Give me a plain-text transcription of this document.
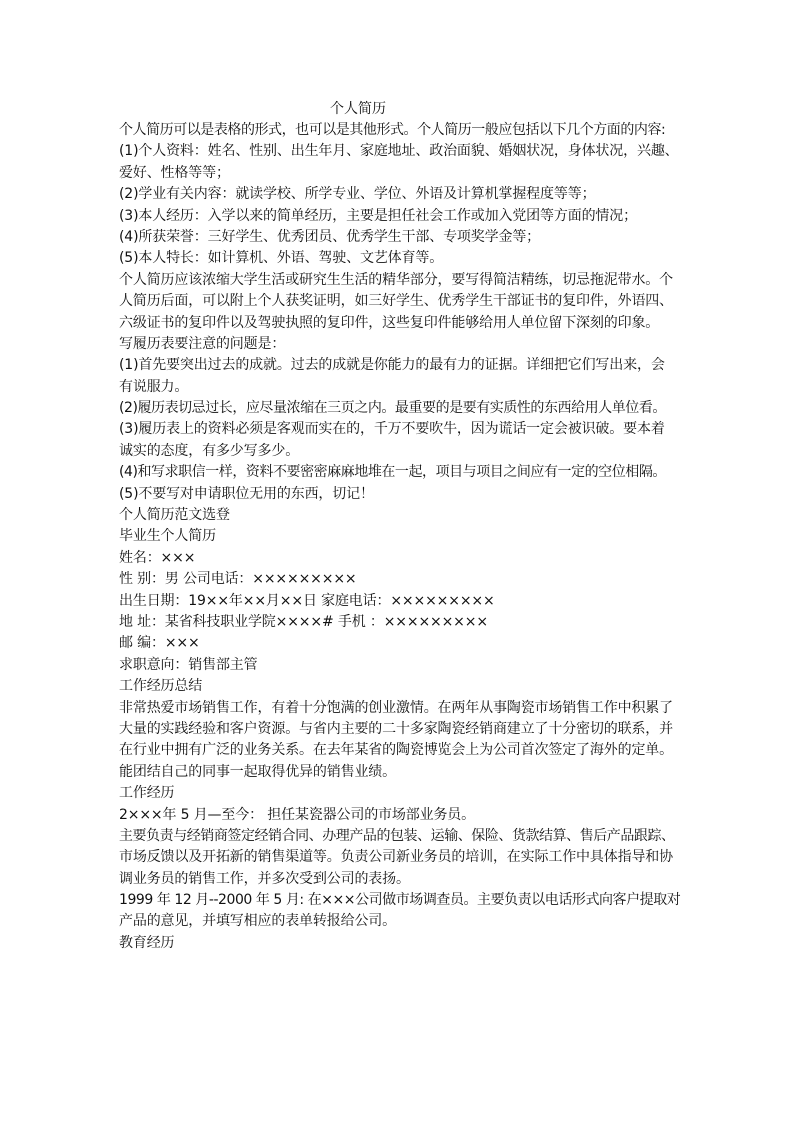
个人简历
个人简历可以是表格的形式，也可以是其他形式。个人简历一般应包括以下几个方面的内容:
(1)个人资料：姓名、性别、出生年月、家庭地址、政治面貌、婚姻状况，身体状况，兴趣、
爱好、性格等等；
(2)学业有关内容：就读学校、所学专业、学位、外语及计算机掌握程度等等；
(3)本人经历：入学以来的简单经历，主要是担任社会工作或加入党团等方面的情况；
(4)所获荣誉：三好学生、优秀团员、优秀学生干部、专项奖学金等；
(5)本人特长：如计算机、外语、驾驶、文艺体育等。
个人简历应该浓缩大学生活或研究生生活的精华部分，要写得简洁精练，切忌拖泥带水。个
人简历后面，可以附上个人获奖证明，如三好学生、优秀学生干部证书的复印件，外语四、
六级证书的复印件以及驾驶执照的复印件，这些复印件能够给用人单位留下深刻的印象。
写履历表要注意的问题是：
(1)首先要突出过去的成就。过去的成就是你能力的最有力的证据。详细把它们写出来，会
有说服力。
(2)履历表切忌过长，应尽量浓缩在三页之内。最重要的是要有实质性的东西给用人单位看。
(3)履历表上的资料必须是客观而实在的，千万不要吹牛，因为谎话一定会被识破。要本着
诚实的态度，有多少写多少。
(4)和写求职信一样，资料不要密密麻麻地堆在一起，项目与项目之间应有一定的空位相隔。
(5)不要写对申请职位无用的东西，切记！
个人简历范文选登
毕业生个人简历
姓名：×××
性 别：男 公司电话：×××××××××
出生日期：19××年××月××日 家庭电话：×××××××××
地 址：某省科技职业学院××××# 手机 ：×××××××××
邮 编：×××
求职意向：销售部主管
工作经历总结
非常热爱市场销售工作，有着十分饱满的创业激情。在两年从事陶瓷市场销售工作中积累了
大量的实践经验和客户资源。与省内主要的二十多家陶瓷经销商建立了十分密切的联系，并
在行业中拥有广泛的业务关系。在去年某省的陶瓷博览会上为公司首次签定了海外的定单。
能团结自己的同事一起取得优异的销售业绩。
工作经历
2×××年 5 月—至今： 担任某瓷器公司的市场部业务员。
主要负责与经销商签定经销合同、办理产品的包装、运输、保险、货款结算、售后产品跟踪、
市场反馈以及开拓新的销售渠道等。负责公司新业务员的培训，在实际工作中具体指导和协
调业务员的销售工作，并多次受到公司的表扬。
1999 年 12 月--2000 年 5 月: 在×××公司做市场调查员。主要负责以电话形式向客户提取对
产品的意见，并填写相应的表单转报给公司。
教育经历
